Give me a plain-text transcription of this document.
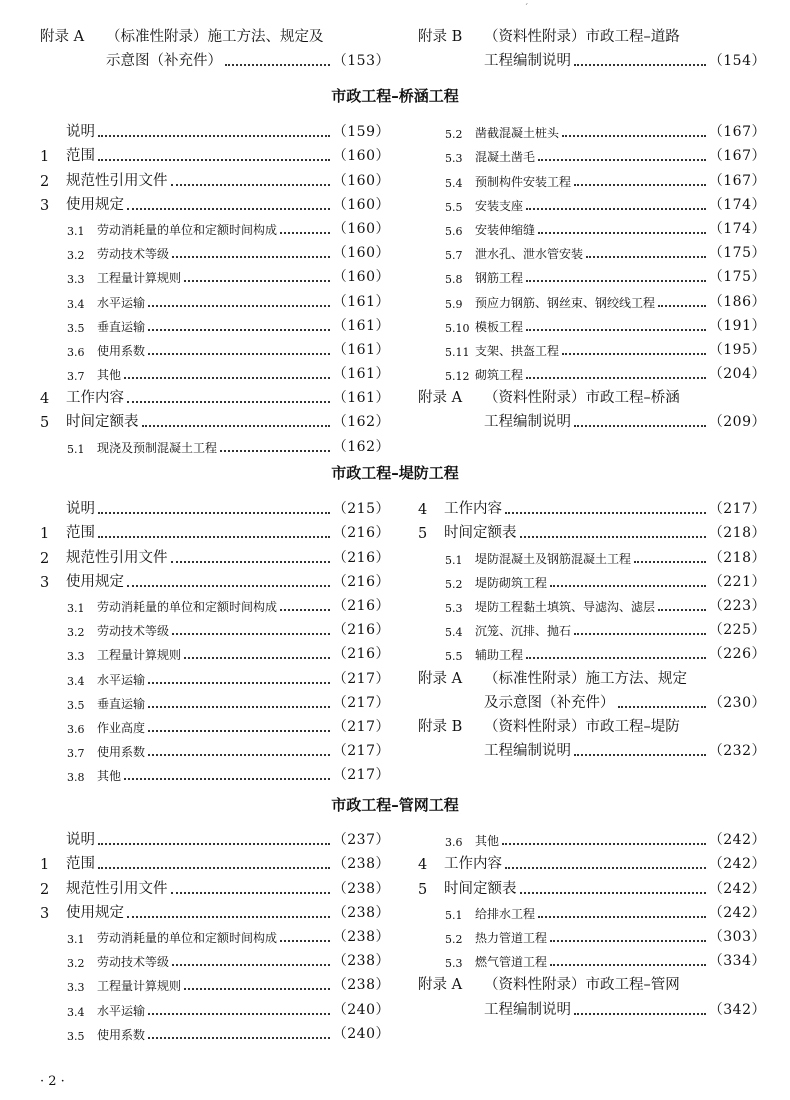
ˊ
附录 A	（标准性附录）施工方法、规定及
示意图（补充件）	（153）
附录 B	（资料性附录）市政工程–道路
工程编制说明	（154）
市政工程–桥涵工程
说明	（159）
1	范围	（160）
2	规范性引用文件	（160）
3	使用规定	（160）
3.1	劳动消耗量的单位和定额时间构成	（160）
3.2	劳动技术等级	（160）
3.3	工程量计算规则	（160）
3.4	水平运输	（161）
3.5	垂直运输	（161）
3.6	使用系数	（161）
3.7	其他	（161）
4	工作内容	（161）
5	时间定额表	（162）
5.1	现浇及预制混凝土工程	（162）
5.2	凿截混凝土桩头	（167）
5.3	混凝土凿毛	（167）
5.4	预制构件安装工程	（167）
5.5	安装支座	（174）
5.6	安装伸缩缝	（174）
5.7	泄水孔、泄水管安装	（175）
5.8	钢筋工程	（175）
5.9	预应力钢筋、钢丝束、钢绞线工程	（186）
5.10 模板工程	（191）
5.11 支架、拱盔工程	（195）
5.12 砌筑工程	（204）
附录 A	（资料性附录）市政工程–桥涵
工程编制说明	（209）
市政工程–堤防工程
说明	（215）
1	范围	（216）
2	规范性引用文件	（216）
3	使用规定	（216）
3.1	劳动消耗量的单位和定额时间构成	（216）
3.2	劳动技术等级	（216）
3.3	工程量计算规则	（216）
3.4	水平运输	（217）
3.5	垂直运输	（217）
3.6	作业高度	（217）
3.7	使用系数	（217）
3.8	其他	（217）
4	工作内容	（217）
5	时间定额表	（218）
5.1	堤防混凝土及钢筋混凝土工程	（218）
5.2	堤防砌筑工程	（221）
5.3	堤防工程黏土填筑、导滤沟、滤层	（223）
5.4	沉笼、沉排、抛石	（225）
5.5	辅助工程	（226）
附录 A	（标准性附录）施工方法、规定
及示意图（补充件）	（230）
附录 B	（资料性附录）市政工程–堤防
工程编制说明	（232）
市政工程–管网工程
说明	（237）
1	范围	（238）
2	规范性引用文件	（238）
3	使用规定	（238）
3.1	劳动消耗量的单位和定额时间构成	（238）
3.2	劳动技术等级	（238）
3.3	工程量计算规则	（238）
3.4	水平运输	（240）
3.5	使用系数	（240）
3.6	其他	（242）
4	工作内容	（242）
5	时间定额表	（242）
5.1	给排水工程	（242）
5.2	热力管道工程	（303）
5.3	燃气管道工程	（334）
附录 A	（资料性附录）市政工程–管网
工程编制说明	（342）
· 2 ·
